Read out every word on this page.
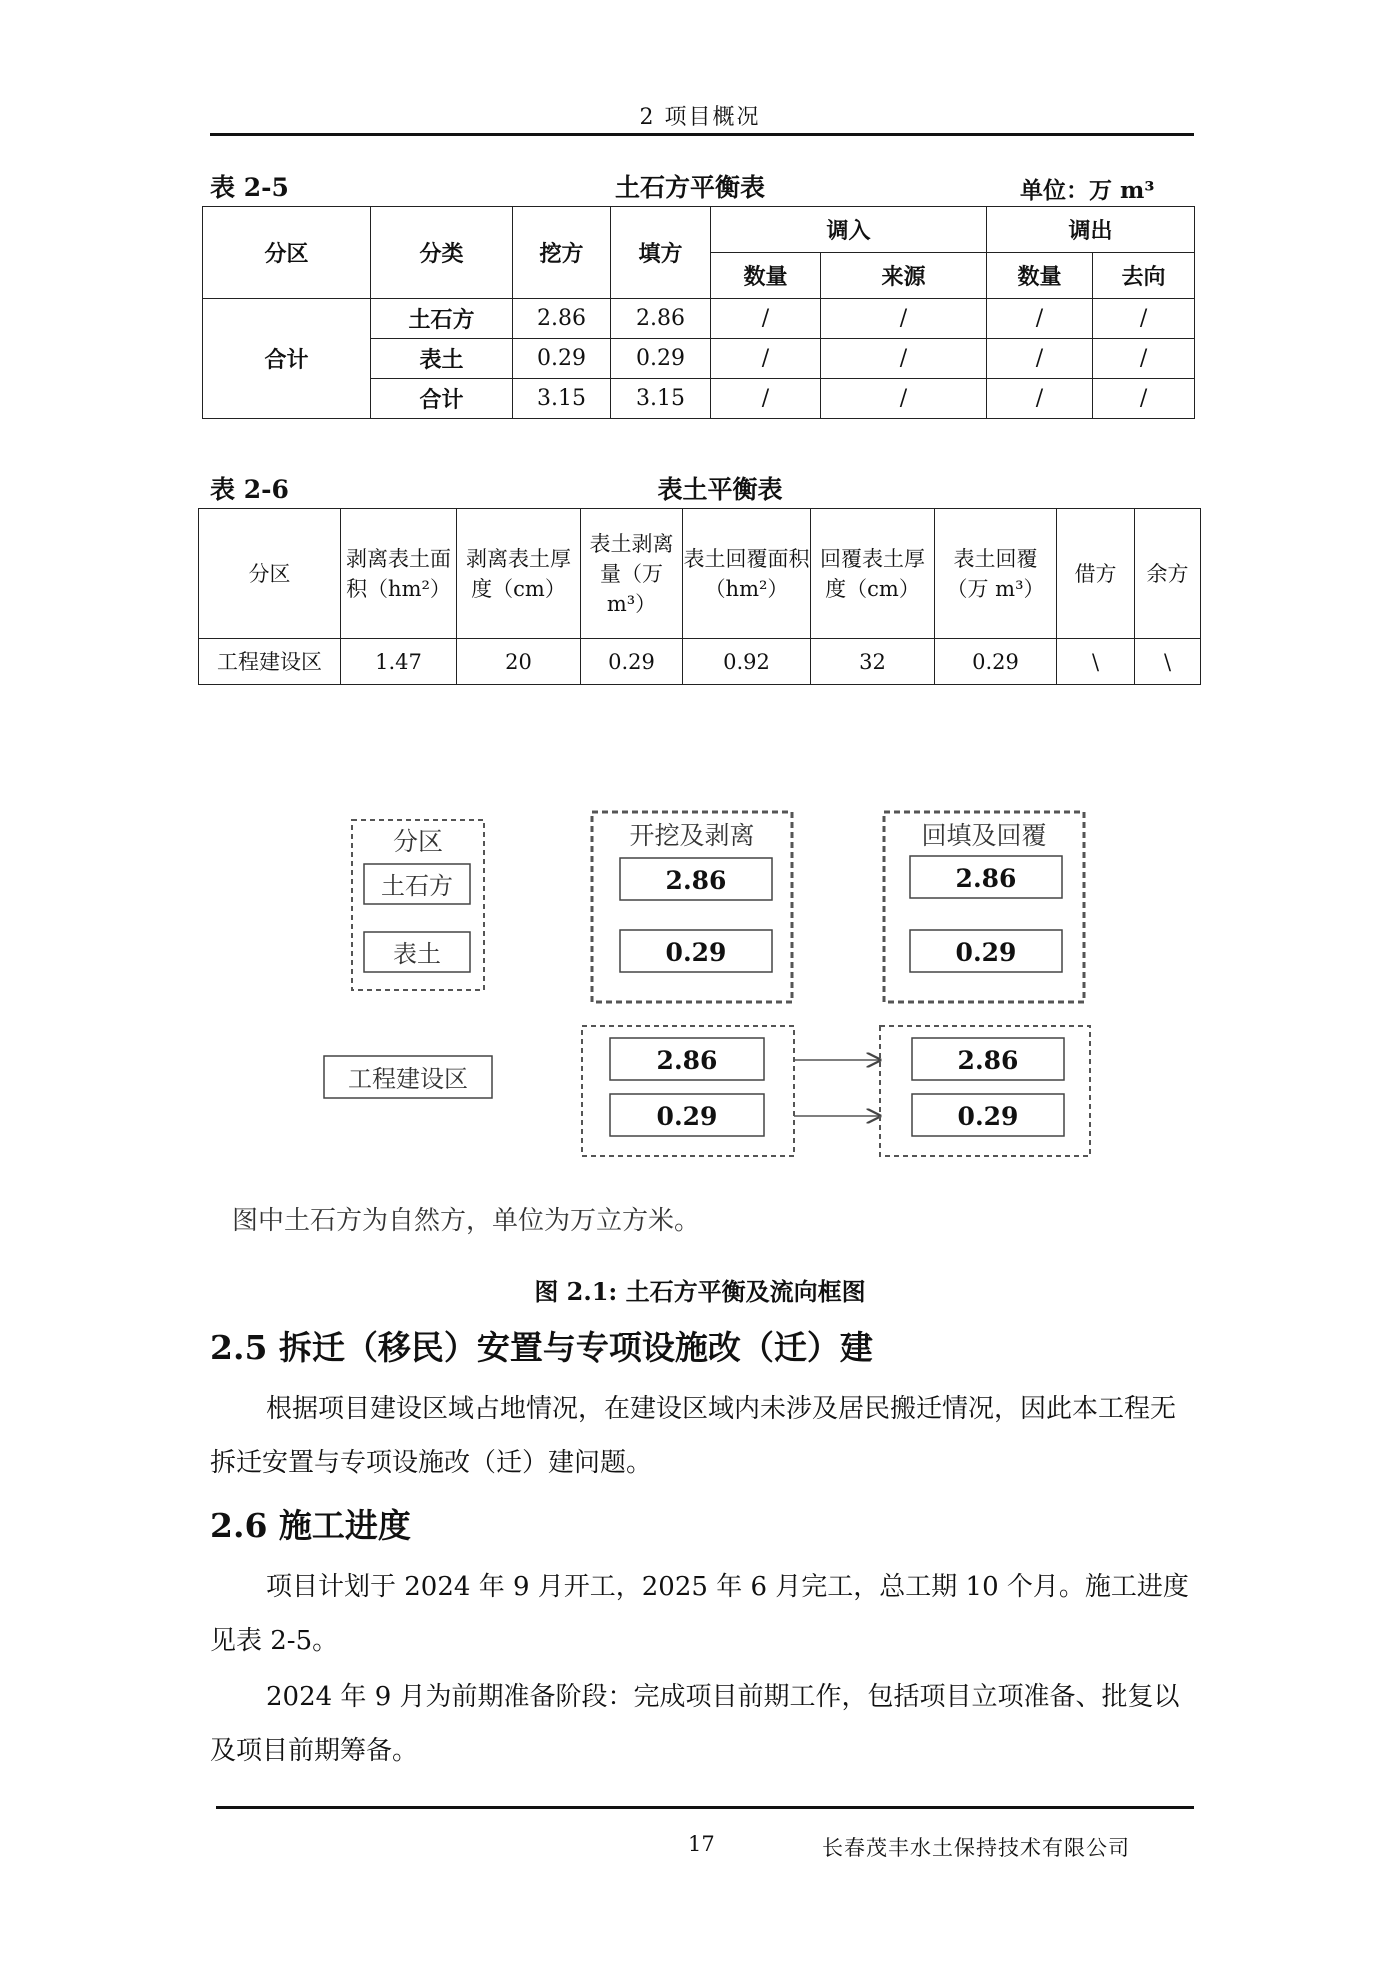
2 项目概况
表 2-5	土石方平衡表	单位：万 m³
分区	分类	挖方	填方	调入		调出	
				数量	来源	数量	去向
合计	土石方	2.86	2.86	/	/	/	/
	表土	0.29	0.29	/	/	/	/
	合计	3.15	3.15	/	/	/	/
表 2-6	表土平衡表
分区	剥离表土面积（hm²）	剥离表土厚度（cm）	表土剥离量（万m³）	表土回覆面积（hm²）	回覆表土厚度（cm）	表土回覆（万 m³）	借方	余方
工程建设区	1.47	20	0.29	0.92	32	0.29	\	\
分区
土石方
表土
开挖及剥离
2.86
0.29
回填及回覆
2.86
0.29
工程建设区
2.86
0.29
2.86
0.29
图中土石方为自然方，单位为万立方米。
图 2.1: 土石方平衡及流向框图
2.5 拆迁（移民）安置与专项设施改（迁）建
根据项目建设区域占地情况，在建设区域内未涉及居民搬迁情况，因此本工程无拆迁安置与专项设施改（迁）建问题。
2.6 施工进度
项目计划于 2024 年 9 月开工，2025 年 6 月完工，总工期 10 个月。施工进度见表 2-5。
2024 年 9 月为前期准备阶段：完成项目前期工作，包括项目立项准备、批复以及项目前期筹备。
17	长春茂丰水土保持技术有限公司
